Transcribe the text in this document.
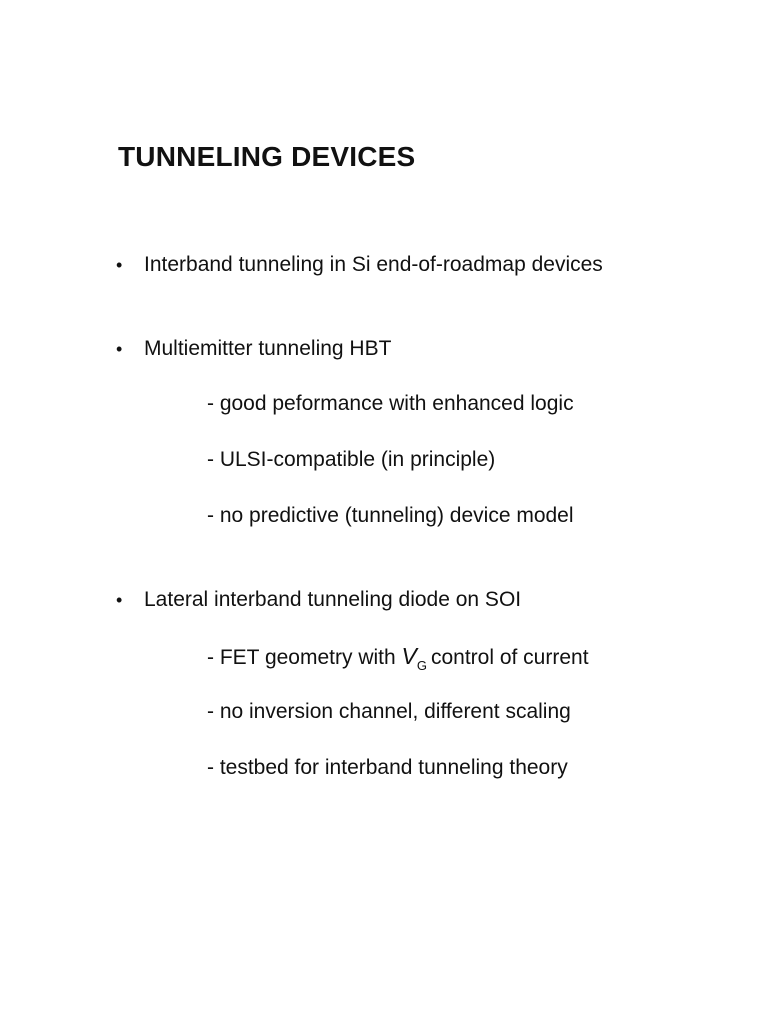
TUNNELING DEVICES
• Interband tunneling in Si end-of-roadmap devices
• Multiemitter tunneling HBT
- good peformance with enhanced logic
- ULSI-compatible (in principle)
- no predictive (tunneling) device model
• Lateral interband tunneling diode on SOI
- FET geometry with $V_G$ control of current
- no inversion channel, different scaling
- testbed for interband tunneling theory
